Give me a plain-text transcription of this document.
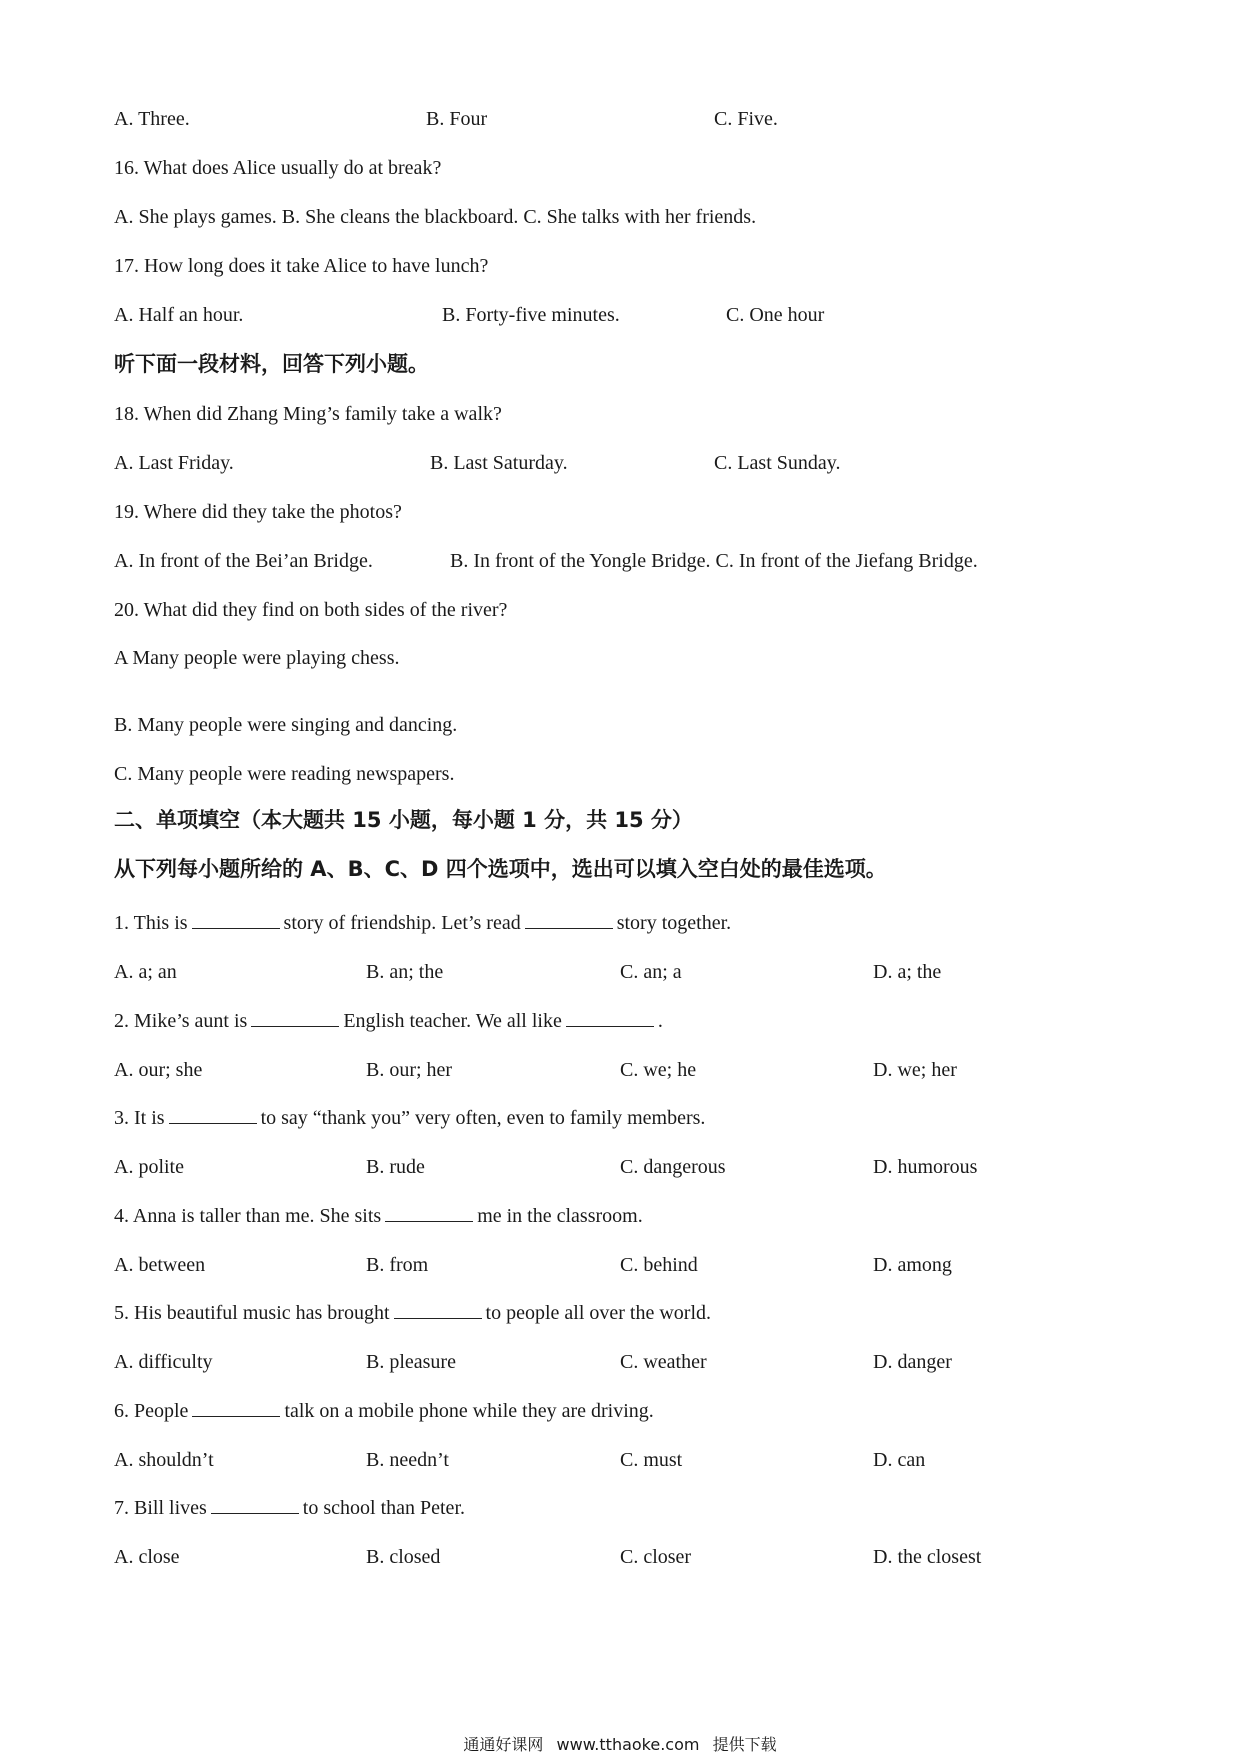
A. Three.	B. Four	C. Five.
16. What does Alice usually do at break?
A. She plays games. B. She cleans the blackboard. C. She talks with her friends.
17. How long does it take Alice to have lunch?
A. Half an hour.	B. Forty-five minutes.	C. One hour
听下面一段材料，回答下列小题。
18. When did Zhang Ming’s family take a walk?
A. Last Friday.	B. Last Saturday.	C. Last Sunday.
19. Where did they take the photos?
A. In front of the Bei’an Bridge.	B. In front of the Yongle Bridge. C. In front of the Jiefang Bridge.
20. What did they find on both sides of the river?
A Many people were playing chess.
B. Many people were singing and dancing.
C. Many people were reading newspapers.
二、单项填空（本大题共 15 小题，每小题 1 分，共 15 分）
从下列每小题所给的 A、B、C、D 四个选项中，选出可以填入空白处的最佳选项。
1. This is	story of friendship. Let’s read	story together.
A. a; an	B. an; the	C. an; a	D. a; the
2. Mike’s aunt is	English teacher. We all like	.
A. our; she	B. our; her	C. we; he	D. we; her
3. It is	to say “thank you” very often, even to family members.
A. polite	B. rude	C. dangerous	D. humorous
4. Anna is taller than me. She sits	me in the classroom.
A. between	B. from	C. behind	D. among
5. His beautiful music has brought	to people all over the world.
A. difficulty	B. pleasure	C. weather	D. danger
6. People	talk on a mobile phone while they are driving.
A. shouldn’t	B. needn’t	C. must	D. can
7. Bill lives	to school than Peter.
A. close	B. closed	C. closer	D. the closest
通通好课网 www.tthaoke.com 提供下载
